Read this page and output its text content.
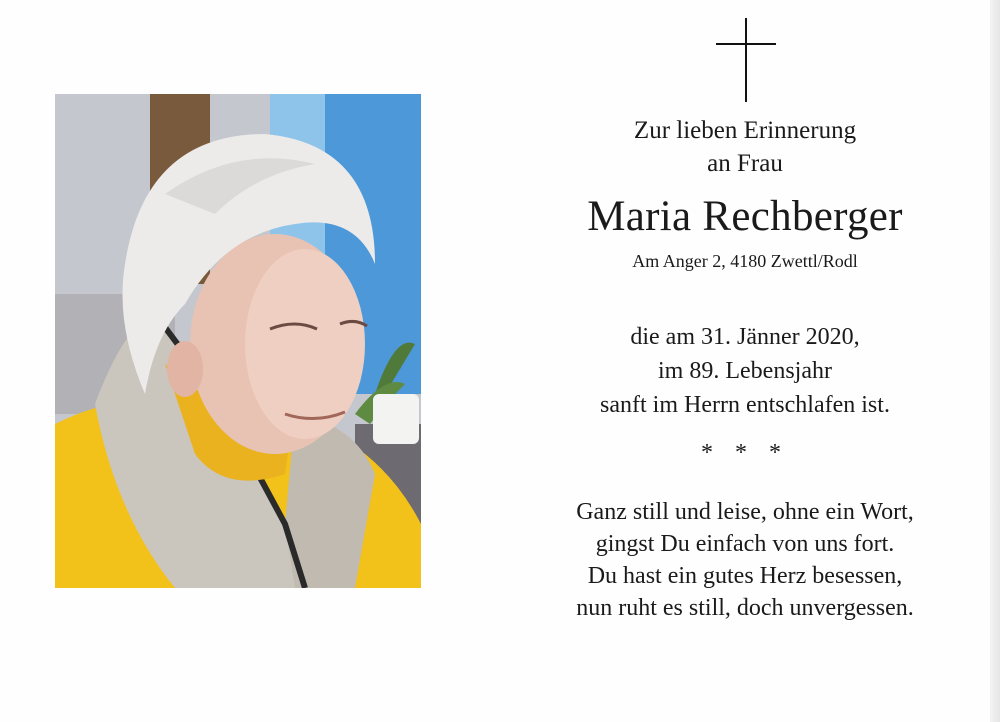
Zur lieben Erinnerung
an Frau
Maria Rechberger
Am Anger 2, 4180 Zwettl/Rodl
die am 31. Jänner 2020,
im 89. Lebensjahr
sanft im Herrn entschlafen ist.
* * *
Ganz still und leise, ohne ein Wort,
gingst Du einfach von uns fort.
Du hast ein gutes Herz besessen,
nun ruht es still, doch unvergessen.
